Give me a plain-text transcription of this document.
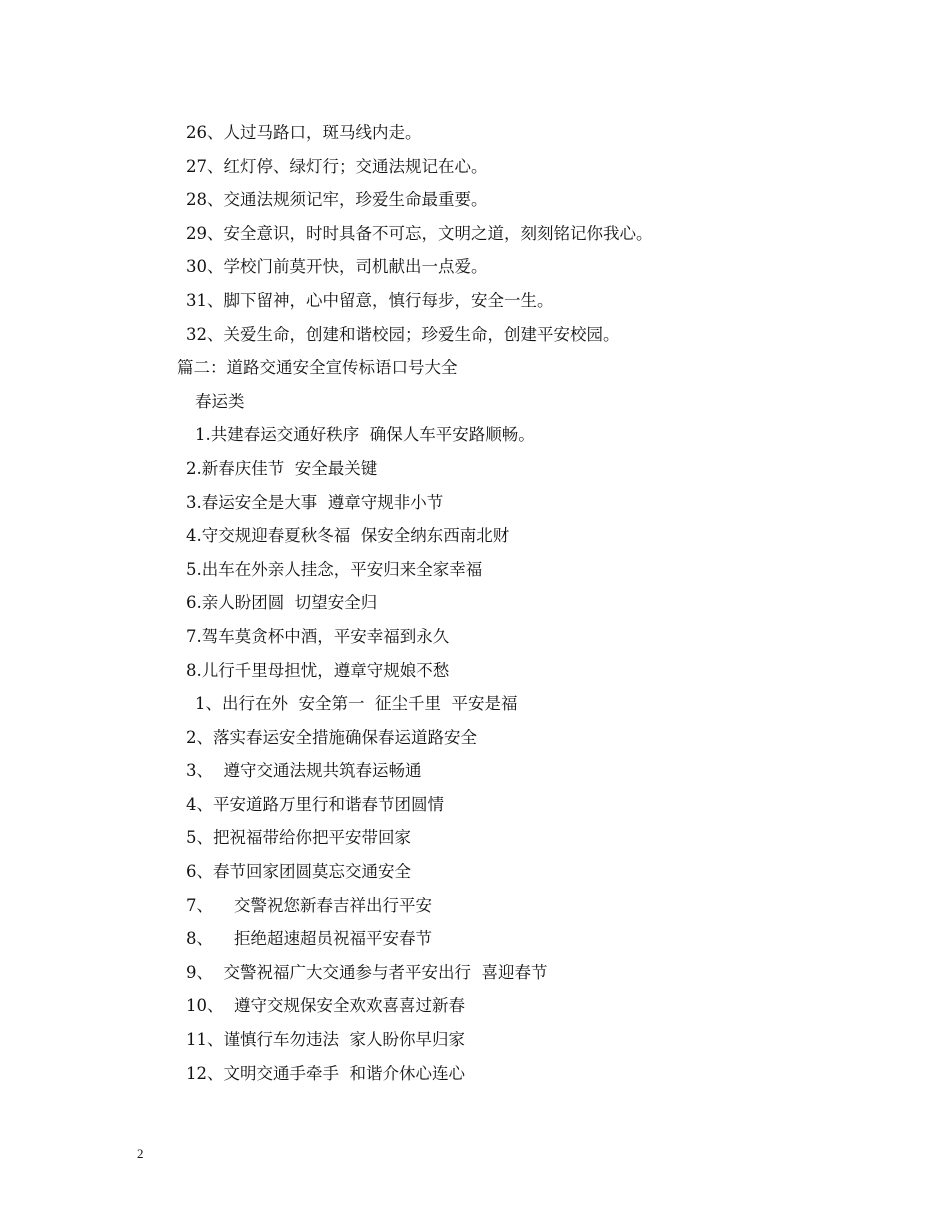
26、人过马路口，斑马线内走。
27、红灯停、绿灯行；交通法规记在心。
28、交通法规须记牢，珍爱生命最重要。
29、安全意识，时时具备不可忘，文明之道，刻刻铭记你我心。
30、学校门前莫开快，司机献出一点爱。
31、脚下留神，心中留意，慎行每步，安全一生。
32、关爱生命，创建和谐校园；珍爱生命，创建平安校园。
篇二：道路交通安全宣传标语口号大全
春运类
1.共建春运交通好秩序  确保人车平安路顺畅。
2.新春庆佳节  安全最关键
3.春运安全是大事  遵章守规非小节
4.守交规迎春夏秋冬福  保安全纳东西南北财
5.出车在外亲人挂念，平安归来全家幸福
6.亲人盼团圆  切望安全归
7.驾车莫贪杯中酒，平安幸福到永久
8.儿行千里母担忧，遵章守规娘不愁
1、出行在外  安全第一  征尘千里  平安是福
2、落实春运安全措施确保春运道路安全
3、  遵守交通法规共筑春运畅通
4、平安道路万里行和谐春节团圆情
5、把祝福带给你把平安带回家
6、春节回家团圆莫忘交通安全
7、    交警祝您新春吉祥出行平安
8、    拒绝超速超员祝福平安春节
9、  交警祝福广大交通参与者平安出行  喜迎春节
10、  遵守交规保安全欢欢喜喜过新春
11、谨慎行车勿违法  家人盼你早归家
12、文明交通手牵手  和谐介休心连心
2
